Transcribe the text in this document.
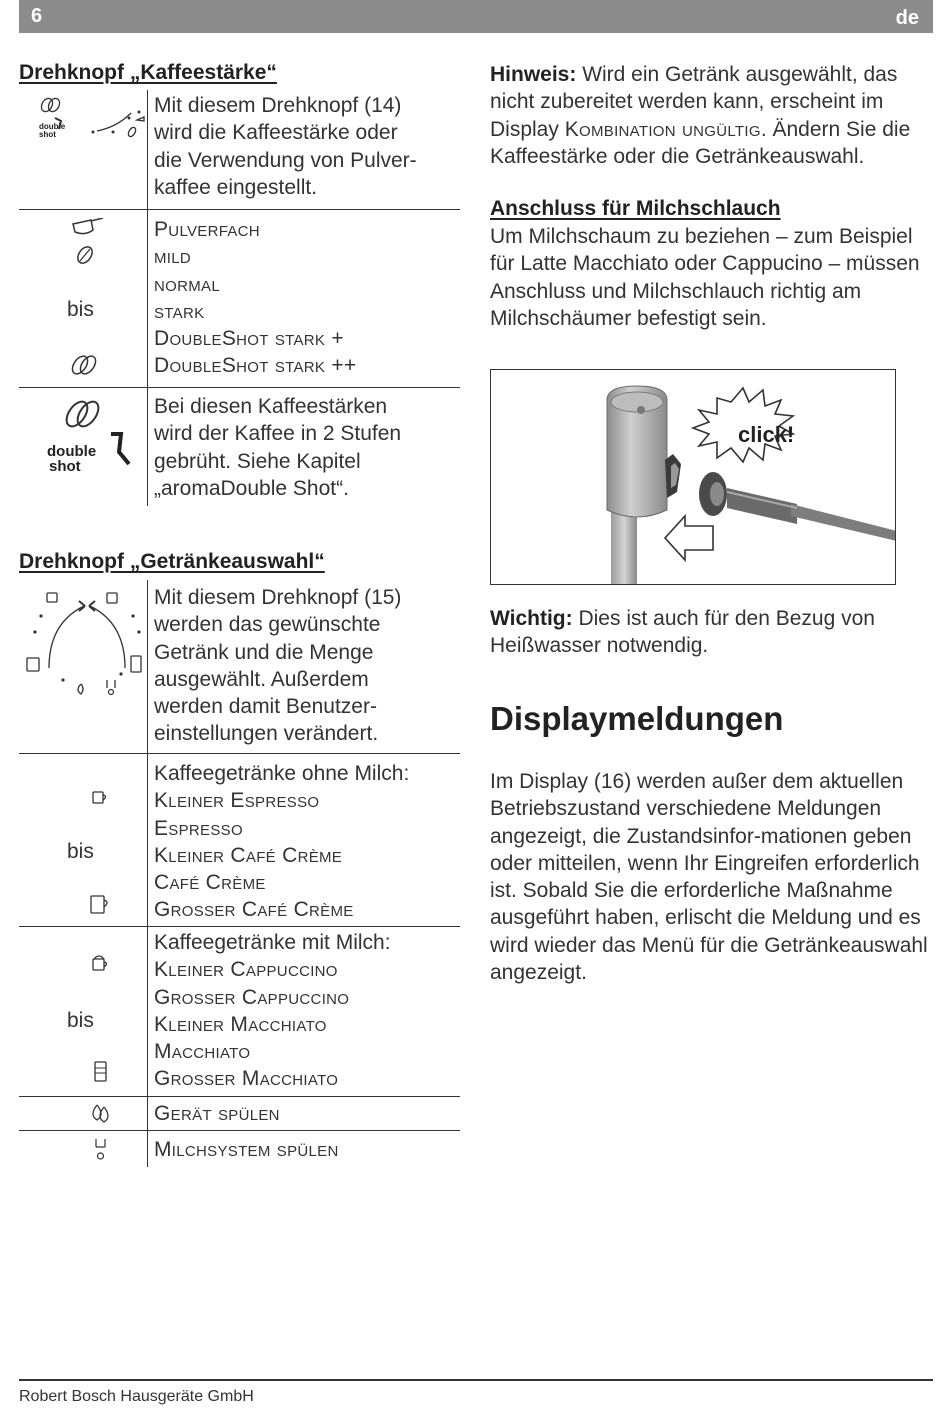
6	de
Drehknopf „Kaffeestärke“
double
shot
Mit diesem Drehknopf (14)
wird die Kaffeestärke oder
die Verwendung von Pulver-
kaffee eingestellt.
bis
Pulverfach
mild
normal
stark
DoubleShot stark +
DoubleShot stark ++
double
shot
Bei diesen Kaffeestärken
wird der Kaffee in 2 Stufen
gebrüht. Siehe Kapitel
„aromaDouble Shot“.
Drehknopf „Getränkeauswahl“
Mit diesem Drehknopf (15)
werden das gewünschte
Getränk und die Menge
ausgewählt. Außerdem
werden damit Benutzer-
einstellungen verändert.
bis
Kaffeegetränke ohne Milch:
Kleiner Espresso
Espresso
Kleiner Café Crème
Café Crème
Grosser Café Crème
bis
Kaffeegetränke mit Milch:
Kleiner Cappuccino
Grosser Cappuccino
Kleiner Macchiato
Macchiato
Grosser Macchiato
Gerät spülen
Milchsystem spülen
Hinweis: Wird ein Getränk ausgewählt, das nicht zubereitet werden kann, erscheint im Display Kombination ungültig. Ändern Sie die Kaffeestärke oder die Getränkeauswahl.
Anschluss für Milchschlauch
Um Milchschaum zu beziehen – zum Beispiel für Latte Macchiato oder Cappucino – müssen Anschluss und Milchschlauch richtig am Milchschäumer befestigt sein.
click!
Wichtig: Dies ist auch für den Bezug von Heißwasser notwendig.
Displaymeldungen
Im Display (16) werden außer dem aktuellen Betriebszustand verschiedene Meldungen angezeigt, die Zustandsinfor-mationen geben oder mitteilen, wenn Ihr Eingreifen erforderlich ist. Sobald Sie die erforderliche Maßnahme ausgeführt haben, erlischt die Meldung und es wird wieder das Menü für die Getränkeauswahl angezeigt.
Robert Bosch Hausgeräte GmbH
